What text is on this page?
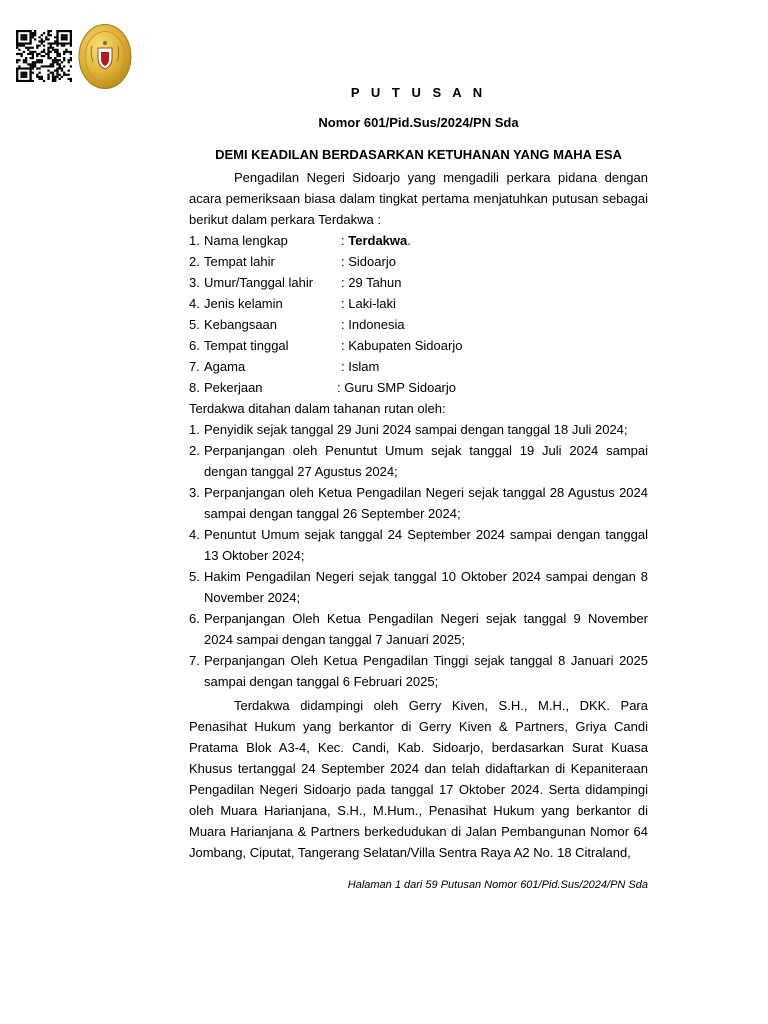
P U T U S A N
Nomor 601/Pid.Sus/2024/PN Sda
DEMI KEADILAN BERDASARKAN KETUHANAN YANG MAHA ESA

Pengadilan Negeri Sidoarjo yang mengadili perkara pidana dengan acara pemeriksaan biasa dalam tingkat pertama menjatuhkan putusan sebagai berikut dalam perkara Terdakwa :

1. Nama lengkap	: Terdakwa.
2. Tempat lahir	: Sidoarjo
3. Umur/Tanggal lahir	: 29 Tahun
4. Jenis kelamin	: Laki-laki
5. Kebangsaan	: Indonesia
6. Tempat tinggal	: Kabupaten Sidoarjo
7. Agama	: Islam
8. Pekerjaan	: Guru SMP Sidoarjo
Terdakwa ditahan dalam tahanan rutan oleh:
1. Penyidik sejak tanggal 29 Juni 2024 sampai dengan tanggal 18 Juli 2024;
2. Perpanjangan oleh Penuntut Umum sejak tanggal 19 Juli 2024 sampai dengan tanggal 27 Agustus 2024;
3. Perpanjangan oleh Ketua Pengadilan Negeri sejak tanggal 28 Agustus 2024 sampai dengan tanggal 26 September 2024;
4. Penuntut Umum sejak tanggal 24 September 2024 sampai dengan tanggal 13 Oktober 2024;
5. Hakim Pengadilan Negeri sejak tanggal 10 Oktober 2024 sampai dengan 8 November 2024;
6. Perpanjangan Oleh Ketua Pengadilan Negeri sejak tanggal 9 November 2024 sampai dengan tanggal 7 Januari 2025;
7. Perpanjangan Oleh Ketua Pengadilan Tinggi sejak tanggal 8 Januari 2025 sampai dengan tanggal 6 Februari 2025;

Terdakwa didampingi oleh Gerry Kiven, S.H., M.H., DKK. Para Penasihat Hukum yang berkantor di Gerry Kiven & Partners, Griya Candi Pratama Blok A3-4, Kec. Candi, Kab. Sidoarjo, berdasarkan Surat Kuasa Khusus tertanggal 24 September 2024 dan telah didaftarkan di Kepaniteraan Pengadilan Negeri Sidoarjo pada tanggal 17 Oktober 2024. Serta didampingi oleh Muara Harianjana, S.H., M.Hum., Penasihat Hukum yang berkantor di Muara Harianjana & Partners berkedudukan di Jalan Pembangunan Nomor 64 Jombang, Ciputat, Tangerang Selatan/Villa Sentra Raya A2 No. 18 Citraland,

Halaman 1 dari 59 Putusan Nomor 601/Pid.Sus/2024/PN Sda
